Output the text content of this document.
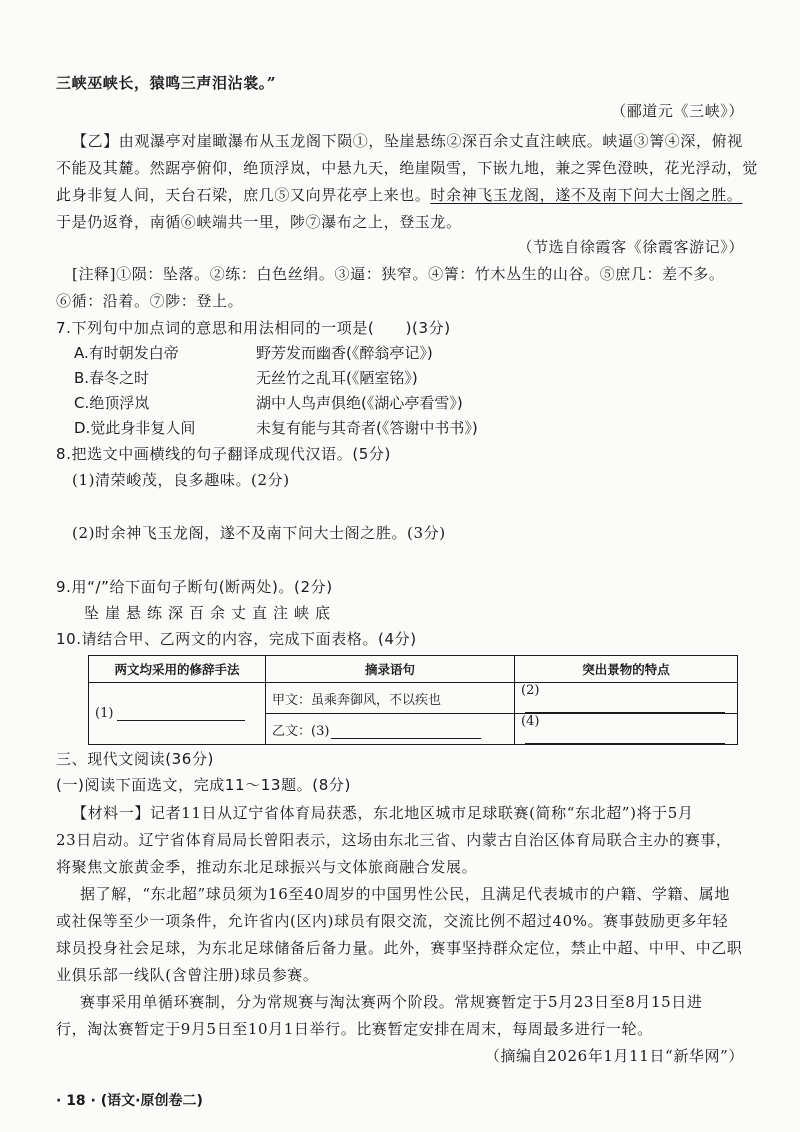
三峡巫峡长，猿鸣三声泪沾裳。”
（郦道元《三峡》）
【乙】由观瀑亭对崖瞰瀑布从玉龙阁下陨①，坠崖悬练②深百余丈直注峡底。峡逼③箐④深，俯视
不能及其麓。然踞亭俯仰，绝顶浮岚，中悬九天，绝崖陨雪，下嵌九地，兼之霁色澄映，花光浮动，觉
此身非复人间，天台石梁，庶几⑤又向畀花亭上来也。时余神飞玉龙阁，遂不及南下问大士阁之胜。
于是仍返脊，南循⑥峡端共一里，陟⑦瀑布之上，登玉龙。
（节选自徐霞客《徐霞客游记》）
[注释]①陨：坠落。②练：白色丝绢。③逼：狭窄。④箐：竹木丛生的山谷。⑤庶几：差不多。
⑥循：沿着。⑦陟：登上。
7.下列句中加点词的意思和用法相同的一项是(　　)(3分)
A.有时朝发白帝	野芳发而幽香(《醉翁亭记》)
B.春冬之时	无丝竹之乱耳(《陋室铭》)
C.绝顶浮岚	湖中人鸟声俱绝(《湖心亭看雪》)
D.觉此身非复人间	未复有能与其奇者(《答谢中书书》)
8.把选文中画横线的句子翻译成现代汉语。(5分)
(1)清荣峻茂，良多趣味。(2分)
(2)时余神飞玉龙阁，遂不及南下问大士阁之胜。(3分)
9.用“/”给下面句子断句(断两处)。(2分)
坠崖悬练深百余丈直注峡底
10.请结合甲、乙两文的内容，完成下面表格。(4分)
两文均采用的修辞手法	摘录语句	突出景物的特点
(1)	甲文：虽乘奔御风，不以疾也	(2)
	乙文：(3)	(4)
三、现代文阅读(36分)
(一)阅读下面选文，完成11～13题。(8分)
【材料一】记者11日从辽宁省体育局获悉，东北地区城市足球联赛(简称“东北超”)将于5月
23日启动。辽宁省体育局局长曾阳表示，这场由东北三省、内蒙古自治区体育局联合主办的赛事，
将聚焦文旅黄金季，推动东北足球振兴与文体旅商融合发展。
据了解，“东北超”球员须为16至40周岁的中国男性公民，且满足代表城市的户籍、学籍、属地
或社保等至少一项条件，允许省内(区内)球员有限交流，交流比例不超过40%。赛事鼓励更多年轻
球员投身社会足球，为东北足球储备后备力量。此外，赛事坚持群众定位，禁止中超、中甲、中乙职
业俱乐部一线队(含曾注册)球员参赛。
赛事采用单循环赛制，分为常规赛与淘汰赛两个阶段。常规赛暂定于5月23日至8月15日进
行，淘汰赛暂定于9月5日至10月1日举行。比赛暂定安排在周末，每周最多进行一轮。
（摘编自2026年1月11日“新华网”）
· 18 · (语文·原创卷二)
